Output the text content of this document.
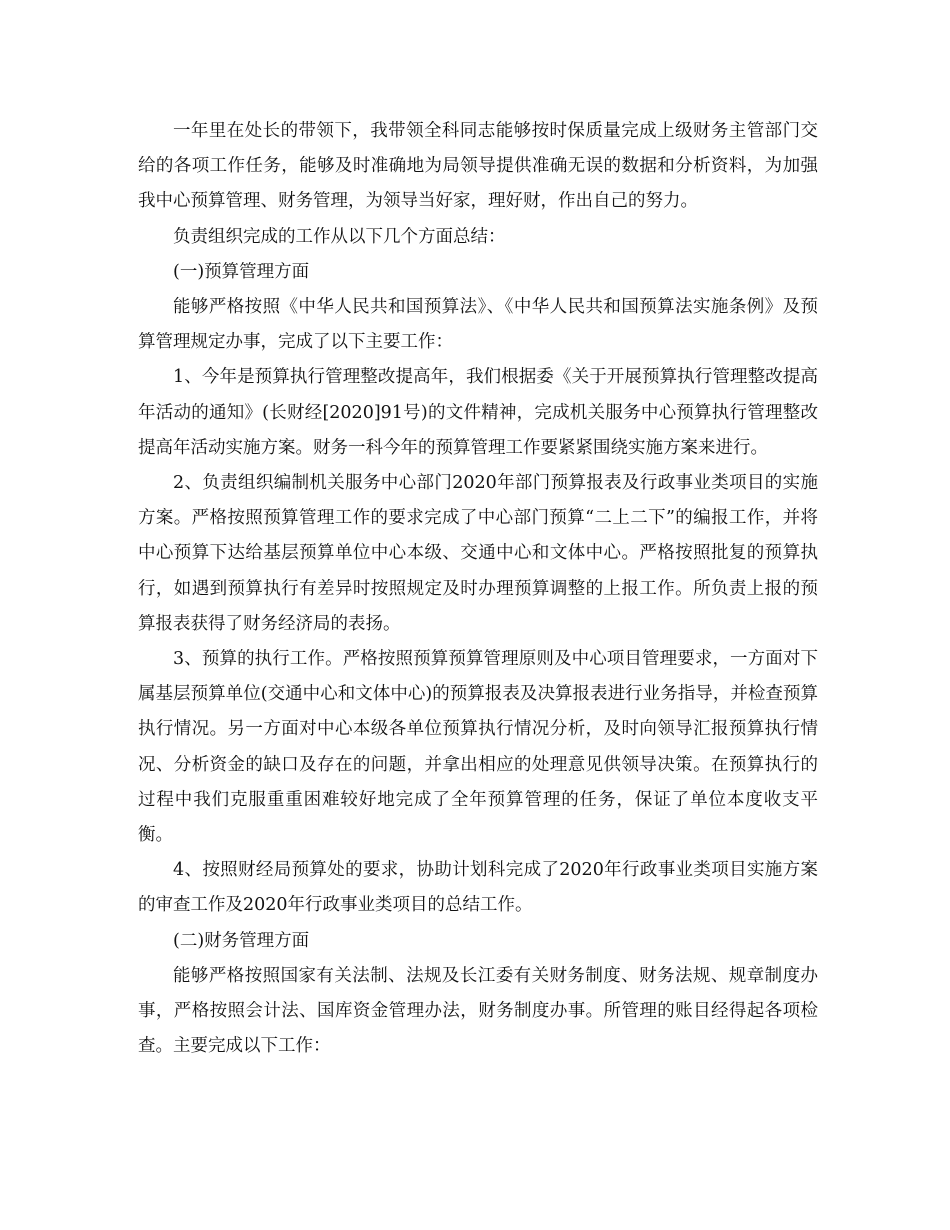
一年里在处长的带领下，我带领全科同志能够按时保质量完成上级财务主管部门交给的各项工作任务，能够及时准确地为局领导提供准确无误的数据和分析资料，为加强我中心预算管理、财务管理，为领导当好家，理好财，作出自己的努力。

负责组织完成的工作从以下几个方面总结：

(一)预算管理方面

能够严格按照《中华人民共和国预算法》、《中华人民共和国预算法实施条例》及预算管理规定办事，完成了以下主要工作：

1、今年是预算执行管理整改提高年，我们根据委《关于开展预算执行管理整改提高年活动的通知》(长财经[2020]91号)的文件精神，完成机关服务中心预算执行管理整改提高年活动实施方案。财务一科今年的预算管理工作要紧紧围绕实施方案来进行。

2、负责组织编制机关服务中心部门2020年部门预算报表及行政事业类项目的实施方案。严格按照预算管理工作的要求完成了中心部门预算“二上二下”的编报工作，并将中心预算下达给基层预算单位中心本级、交通中心和文体中心。严格按照批复的预算执行，如遇到预算执行有差异时按照规定及时办理预算调整的上报工作。所负责上报的预算报表获得了财务经济局的表扬。

3、预算的执行工作。严格按照预算预算管理原则及中心项目管理要求，一方面对下属基层预算单位(交通中心和文体中心)的预算报表及决算报表进行业务指导，并检查预算执行情况。另一方面对中心本级各单位预算执行情况分析，及时向领导汇报预算执行情况、分析资金的缺口及存在的问题，并拿出相应的处理意见供领导决策。在预算执行的过程中我们克服重重困难较好地完成了全年预算管理的任务，保证了单位本度收支平衡。

4、按照财经局预算处的要求，协助计划科完成了2020年行政事业类项目实施方案的审查工作及2020年行政事业类项目的总结工作。

(二)财务管理方面

能够严格按照国家有关法制、法规及长江委有关财务制度、财务法规、规章制度办事，严格按照会计法、国库资金管理办法，财务制度办事。所管理的账目经得起各项检查。主要完成以下工作：
